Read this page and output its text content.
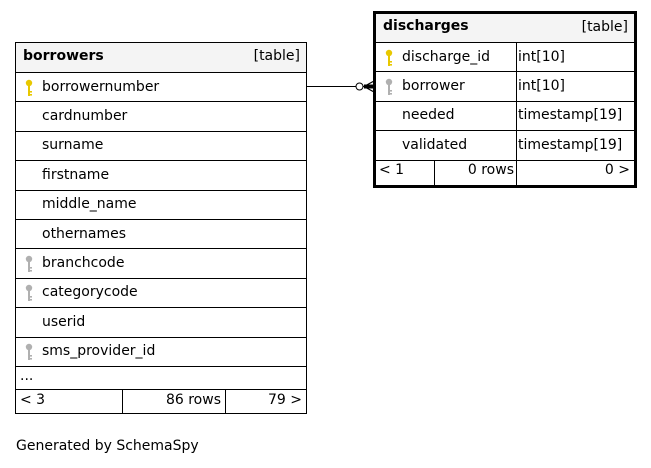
borrowers	[table]
borrowernumber
cardnumber
surname
firstname
middle_name
othernames
branchcode
categorycode
userid
sms_provider_id
...
< 3	86 rows	79 >
discharges	[table]
discharge_id int[10]
borrower	int[10]
needed	timestamp[19]
validated	timestamp[19]
< 1	0 rows	0 >
Generated by SchemaSpy
